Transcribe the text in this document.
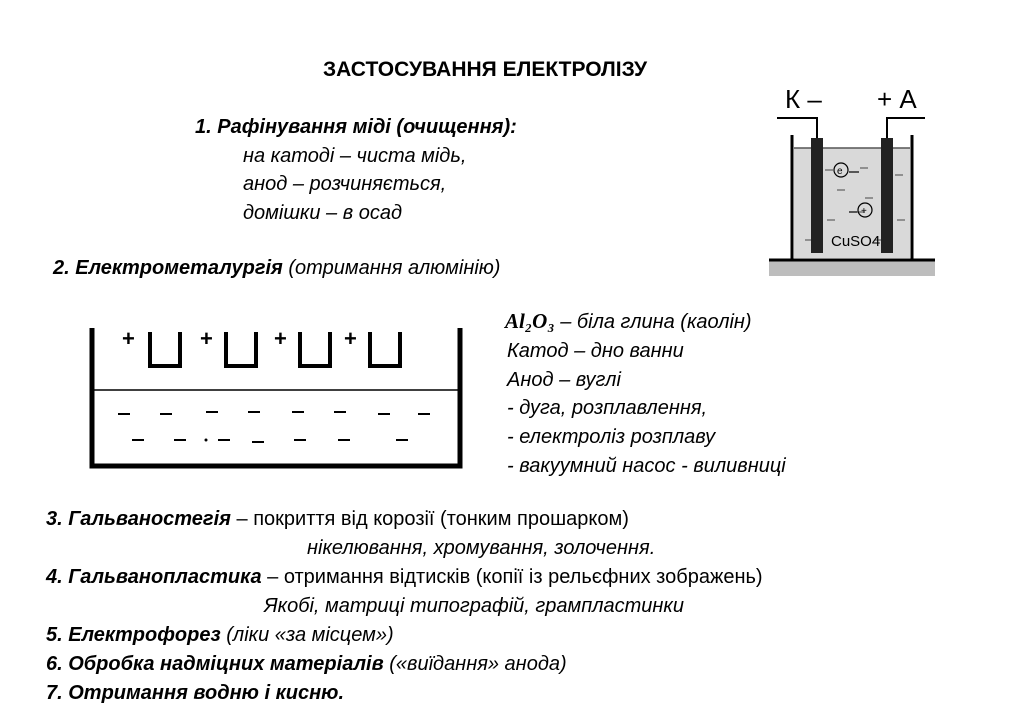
ЗАСТОСУВАННЯ ЕЛЕКТРОЛІЗУ
1. Рафінування міді (очищення):
на катоді – чиста мідь,
анод – розчиняється,
домішки – в осад
К – + А
e
+
CuSO4
2. Електрометалургія (отримання алюмінію)
+	+	+	+
Al₂O₃ – біла глина (каолін)
Катод – дно ванни
Анод – вуглі
- дуга, розплавлення,
- електроліз розплаву
- вакуумний насос - виливниці
3. Гальваностегія – покриття від корозії (тонким прошарком)
нікелювання, хромування, золочення.
4. Гальванопластика – отримання відтисків (копії із рельєфних зображень)
Якобі, матриці типографій, грампластинки
5. Електрофорез (ліки «за місцем»)
6. Обробка надміцних матеріалів («виїдання» анода)
7. Отримання водню і кисню.
